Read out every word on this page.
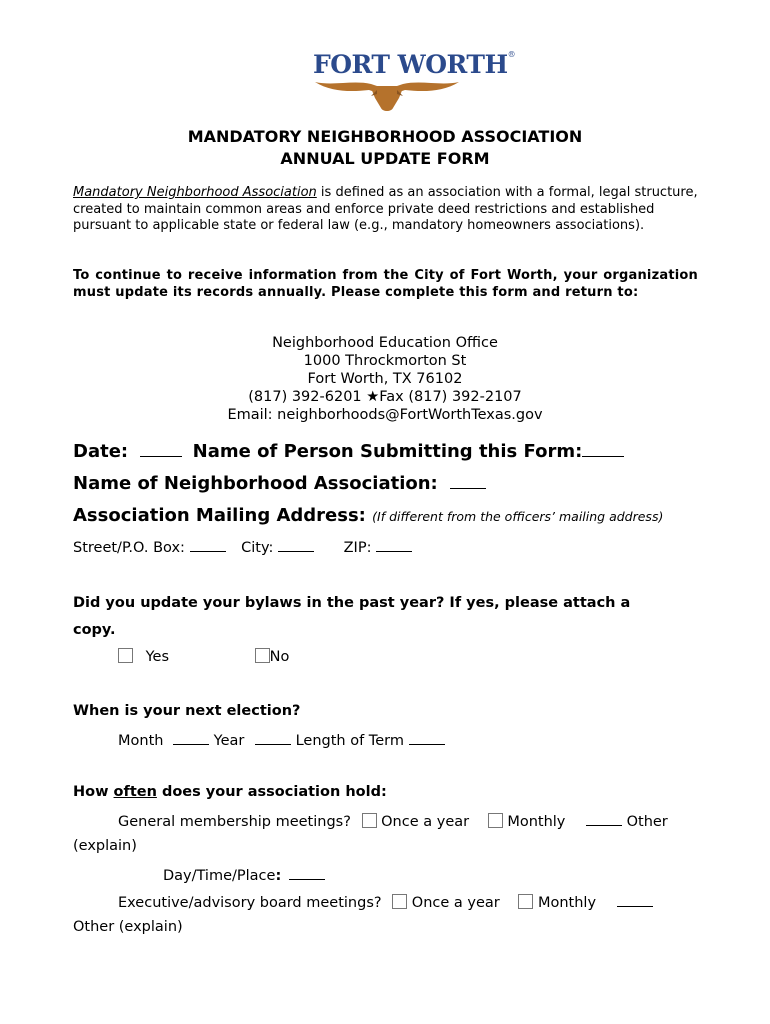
FORT WORTH®
MANDATORY NEIGHBORHOOD ASSOCIATION
ANNUAL UPDATE FORM
Mandatory Neighborhood Association is defined as an association with a formal, legal structure, created to maintain common areas and enforce private deed restrictions and established pursuant to applicable state or federal law (e.g., mandatory homeowners associations).
To continue to receive information from the City of Fort Worth, your organization must update its records annually. Please complete this form and return to:
Neighborhood Education Office
1000 Throckmorton St
Fort Worth, TX 76102
(817) 392-6201 ★Fax (817) 392-2107
Email: neighborhoods@FortWorthTexas.gov
Date:	Name of Person Submitting this Form:
Name of Neighborhood Association:
Association Mailing Address: (If different from the officers’ mailing address)
Street/P.O. Box:	City:	ZIP:
Did you update your bylaws in the past year? If yes, please attach a
copy.
Yes	No
When is your next election?
Month	Year	Length of Term
How often does your association hold:
General membership meetings? Once a year	Monthly	Other
(explain)
Day/Time/Place:
Executive/advisory board meetings? Once a year	Monthly
Other (explain)
